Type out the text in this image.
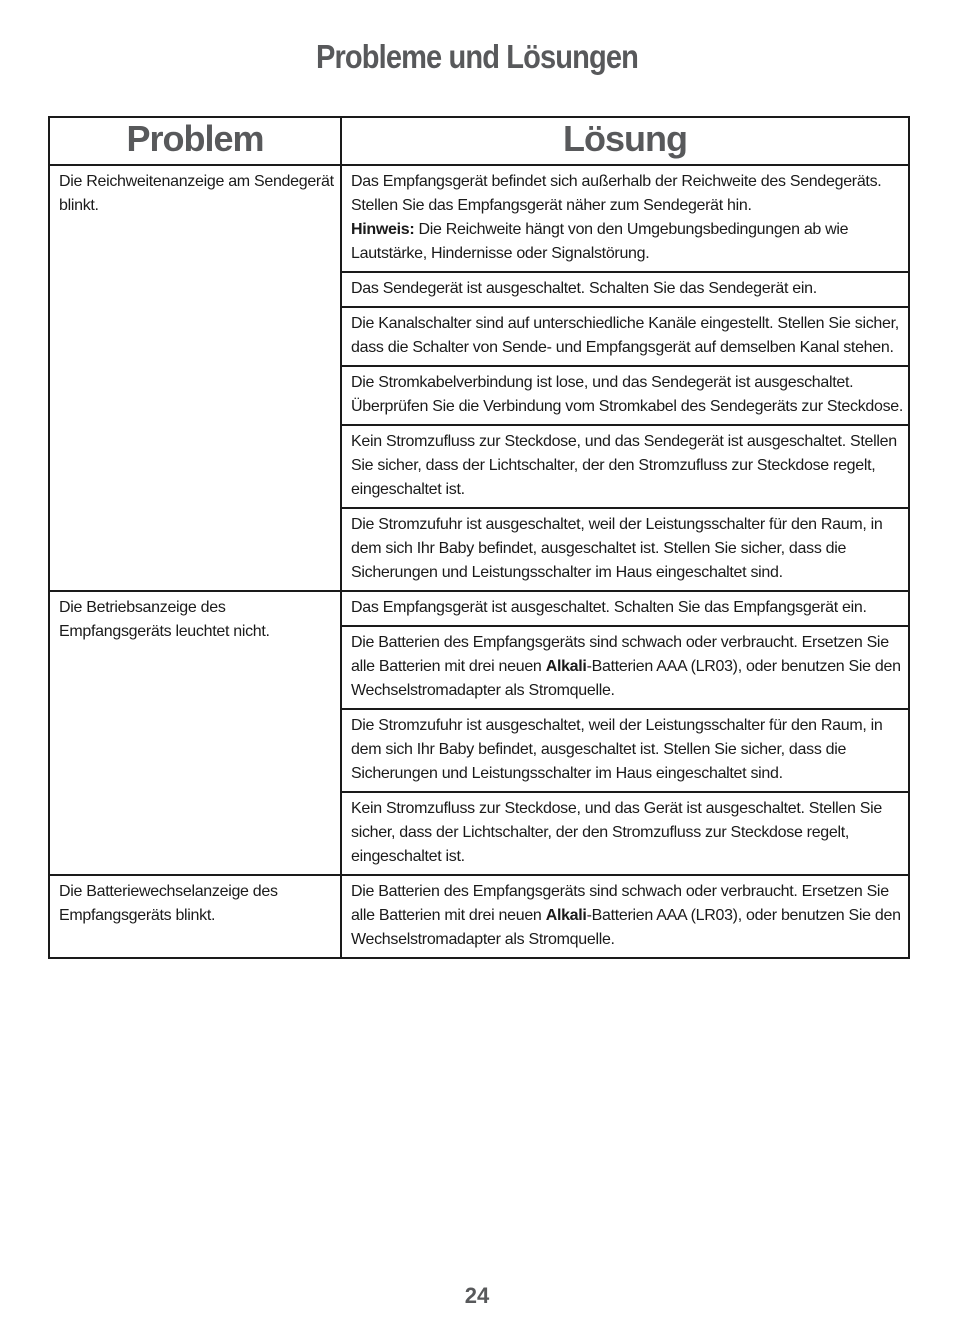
Probleme und Lösungen
Problem	Lösung

Die Reichweitenanzeige am Sendegerät blinkt.	Das Empfangsgerät befindet sich außerhalb der Reichweite des Sendegeräts. Stellen Sie das Empfangsgerät näher zum Sendegerät hin.
Hinweis: Die Reichweite hängt von den Umgebungsbedingungen ab wie Lautstärke, Hindernisse oder Signalstörung.

	Das Sendegerät ist ausgeschaltet. Schalten Sie das Sendegerät ein.

	Die Kanalschalter sind auf unterschiedliche Kanäle eingestellt. Stellen Sie sicher, dass die Schalter von Sende- und Empfangsgerät auf demselben Kanal stehen.

	Die Stromkabelverbindung ist lose, und das Sendegerät ist ausgeschaltet. Überprüfen Sie die Verbindung vom Stromkabel des Sendegeräts zur Steckdose.

	Kein Stromzufluss zur Steckdose, und das Sendegerät ist ausgeschaltet. Stellen Sie sicher, dass der Lichtschalter, der den Stromzufluss zur Steckdose regelt, eingeschaltet ist.

	Die Stromzufuhr ist ausgeschaltet, weil der Leistungsschalter für den Raum, in dem sich Ihr Baby befindet, ausgeschaltet ist. Stellen Sie sicher, dass die Sicherungen und Leistungsschalter im Haus eingeschaltet sind.

Die Betriebsanzeige des Empfangsgeräts leuchtet nicht.	Das Empfangsgerät ist ausgeschaltet. Schalten Sie das Empfangsgerät ein.

	Die Batterien des Empfangsgeräts sind schwach oder verbraucht. Ersetzen Sie alle Batterien mit drei neuen Alkali-Batterien AAA (LR03), oder benutzen Sie den Wechselstromadapter als Stromquelle.

	Die Stromzufuhr ist ausgeschaltet, weil der Leistungsschalter für den Raum, in dem sich Ihr Baby befindet, ausgeschaltet ist. Stellen Sie sicher, dass die Sicherungen und Leistungsschalter im Haus eingeschaltet sind.

	Kein Stromzufluss zur Steckdose, und das Gerät ist ausgeschaltet. Stellen Sie sicher, dass der Lichtschalter, der den Stromzufluss zur Steckdose regelt, eingeschaltet ist.

Die Batteriewechselanzeige des Empfangsgeräts blinkt.	Die Batterien des Empfangsgeräts sind schwach oder verbraucht. Ersetzen Sie alle Batterien mit drei neuen Alkali-Batterien AAA (LR03), oder benutzen Sie den Wechselstromadapter als Stromquelle.
24
